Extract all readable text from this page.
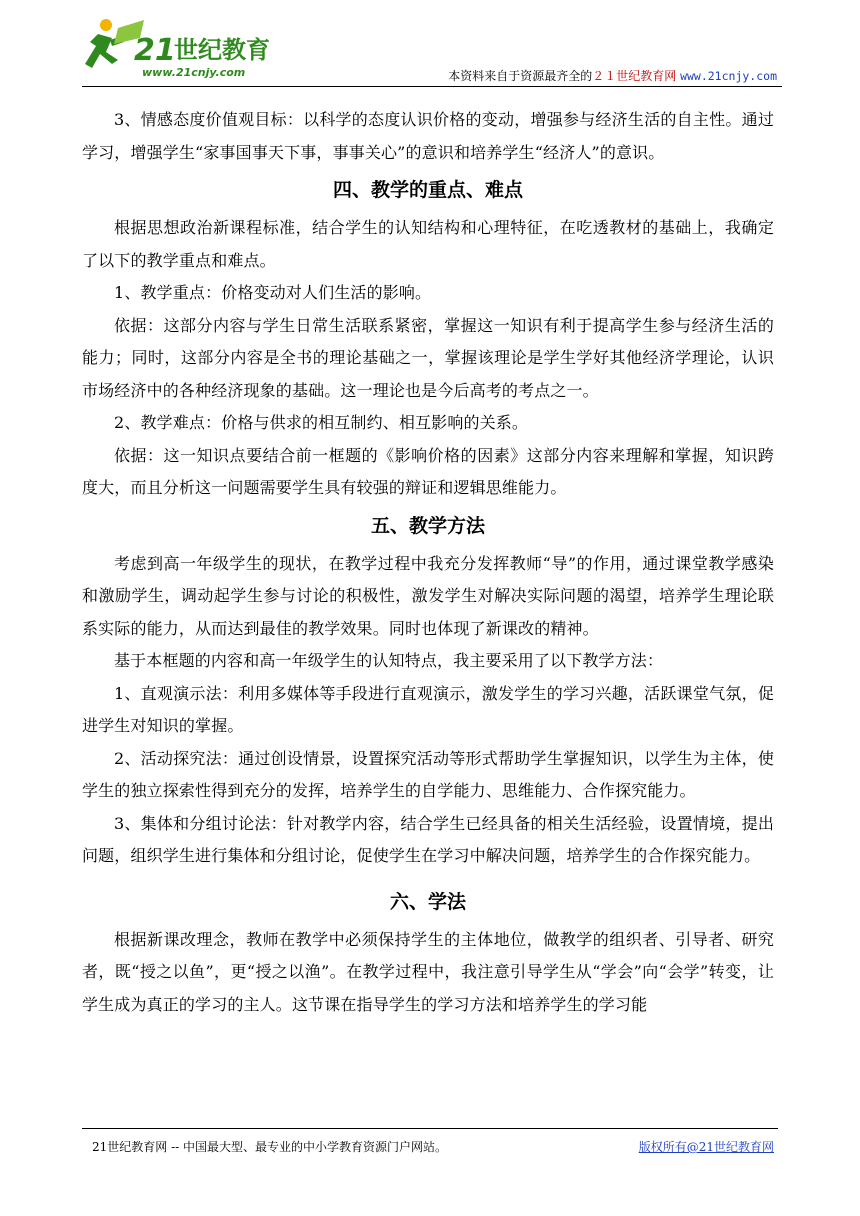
21
世纪教育
www.21cnjy.com	本资料来自于资源最齐全的２１世纪教育网 www.21cnjy.com

3、情感态度价值观目标：以科学的态度认识价格的变动，增强参与经济生活的自主性。通过学习，增强学生“家事国事天下事，事事关心”的意识和培养学生“经济人”的意识。

四、教学的重点、难点

根据思想政治新课程标准，结合学生的认知结构和心理特征，在吃透教材的基础上，我确定了以下的教学重点和难点。

1、教学重点：价格变动对人们生活的影响。

依据：这部分内容与学生日常生活联系紧密，掌握这一知识有利于提高学生参与经济生活的能力；同时，这部分内容是全书的理论基础之一，掌握该理论是学生学好其他经济学理论，认识市场经济中的各种经济现象的基础。这一理论也是今后高考的考点之一。

2、教学难点：价格与供求的相互制约、相互影响的关系。

依据：这一知识点要结合前一框题的《影响价格的因素》这部分内容来理解和掌握，知识跨度大，而且分析这一问题需要学生具有较强的辩证和逻辑思维能力。

五、教学方法

考虑到高一年级学生的现状，在教学过程中我充分发挥教师“导”的作用，通过课堂教学感染和激励学生，调动起学生参与讨论的积极性，激发学生对解决实际问题的渴望，培养学生理论联系实际的能力，从而达到最佳的教学效果。同时也体现了新课改的精神。

基于本框题的内容和高一年级学生的认知特点，我主要采用了以下教学方法：

1、直观演示法：利用多媒体等手段进行直观演示，激发学生的学习兴趣，活跃课堂气氛，促进学生对知识的掌握。

2、活动探究法：通过创设情景，设置探究活动等形式帮助学生掌握知识，以学生为主体，使学生的独立探索性得到充分的发挥，培养学生的自学能力、思维能力、合作探究能力。

3、集体和分组讨论法：针对教学内容，结合学生已经具备的相关生活经验，设置情境，提出问题，组织学生进行集体和分组讨论，促使学生在学习中解决问题，培养学生的合作探究能力。

六、学法

根据新课改理念，教师在教学中必须保持学生的主体地位，做教学的组织者、引导者、研究者，既“授之以鱼”，更“授之以渔”。在教学过程中，我注意引导学生从“学会”向“会学”转变，让学生成为真正的学习的主人。这节课在指导学生的学习方法和培养学生的学习能

21世纪教育网 -- 中国最大型、最专业的中小学教育资源门户网站。	版权所有@21世纪教育网
